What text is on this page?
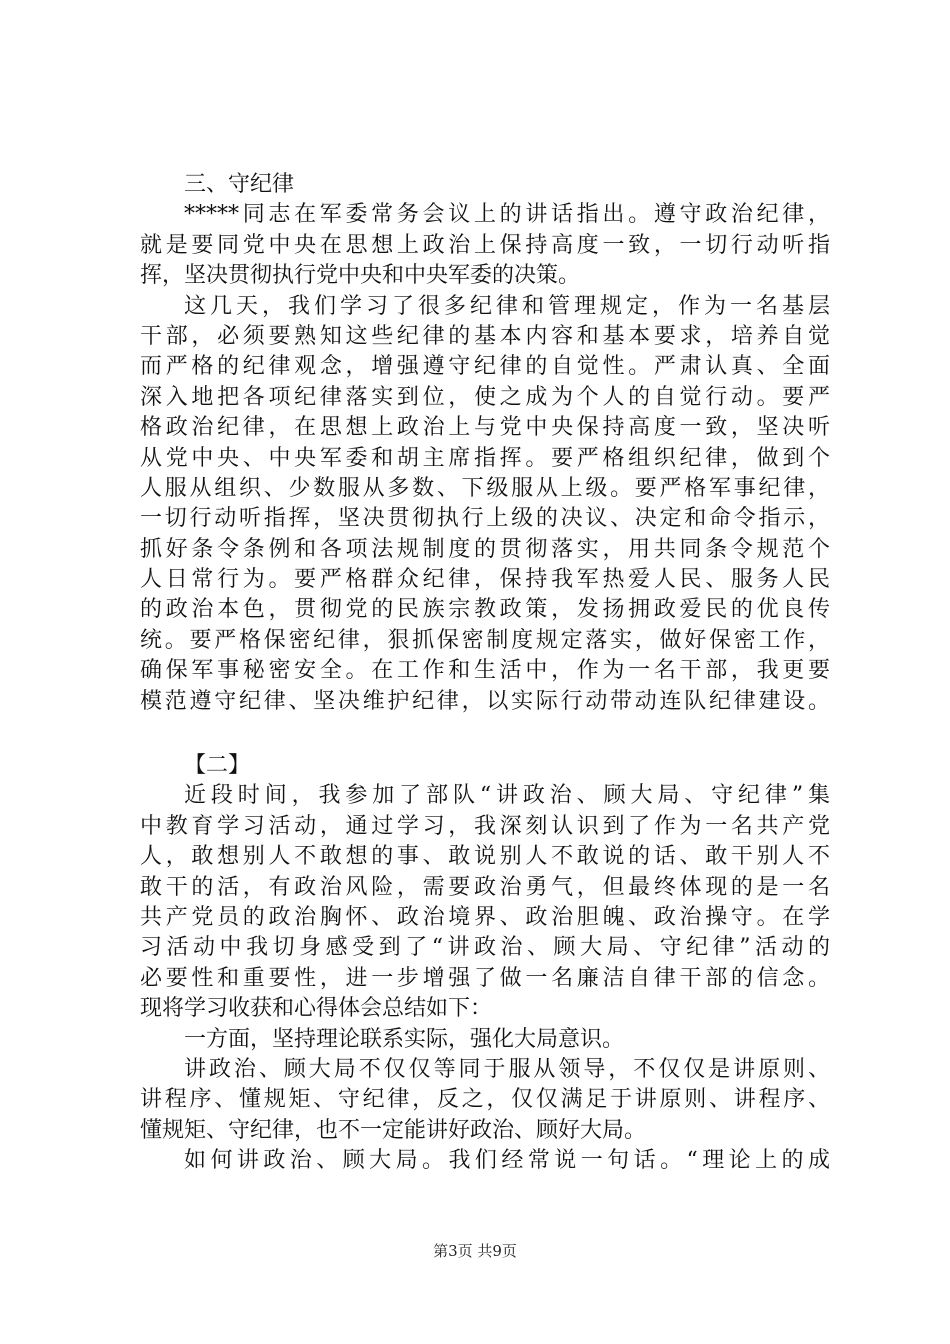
三、守纪律
*****同志在军委常务会议上的讲话指出。遵守政治纪律，
就是要同党中央在思想上政治上保持高度一致，一切行动听指
挥，坚决贯彻执行党中央和中央军委的决策。
这几天，我们学习了很多纪律和管理规定，作为一名基层
干部，必须要熟知这些纪律的基本内容和基本要求，培养自觉
而严格的纪律观念，增强遵守纪律的自觉性。严肃认真、全面
深入地把各项纪律落实到位，使之成为个人的自觉行动。要严
格政治纪律，在思想上政治上与党中央保持高度一致，坚决听
从党中央、中央军委和胡主席指挥。要严格组织纪律，做到个
人服从组织、少数服从多数、下级服从上级。要严格军事纪律，
一切行动听指挥，坚决贯彻执行上级的决议、决定和命令指示，
抓好条令条例和各项法规制度的贯彻落实，用共同条令规范个
人日常行为。要严格群众纪律，保持我军热爱人民、服务人民
的政治本色，贯彻党的民族宗教政策，发扬拥政爱民的优良传
统。要严格保密纪律，狠抓保密制度规定落实，做好保密工作，
确保军事秘密安全。在工作和生活中，作为一名干部，我更要
模范遵守纪律、坚决维护纪律，以实际行动带动连队纪律建设。
【二】
近段时间，我参加了部队“讲政治、顾大局、守纪律”集
中教育学习活动，通过学习，我深刻认识到了作为一名共产党
人，敢想别人不敢想的事、敢说别人不敢说的话、敢干别人不
敢干的活，有政治风险，需要政治勇气，但最终体现的是一名
共产党员的政治胸怀、政治境界、政治胆魄、政治操守。在学
习活动中我切身感受到了“讲政治、顾大局、守纪律”活动的
必要性和重要性，进一步增强了做一名廉洁自律干部的信念。
现将学习收获和心得体会总结如下：
一方面，坚持理论联系实际，强化大局意识。
讲政治、顾大局不仅仅等同于服从领导，不仅仅是讲原则、
讲程序、懂规矩、守纪律，反之，仅仅满足于讲原则、讲程序、
懂规矩、守纪律，也不一定能讲好政治、顾好大局。
如何讲政治、顾大局。我们经常说一句话。“理论上的成
第3页 共9页
